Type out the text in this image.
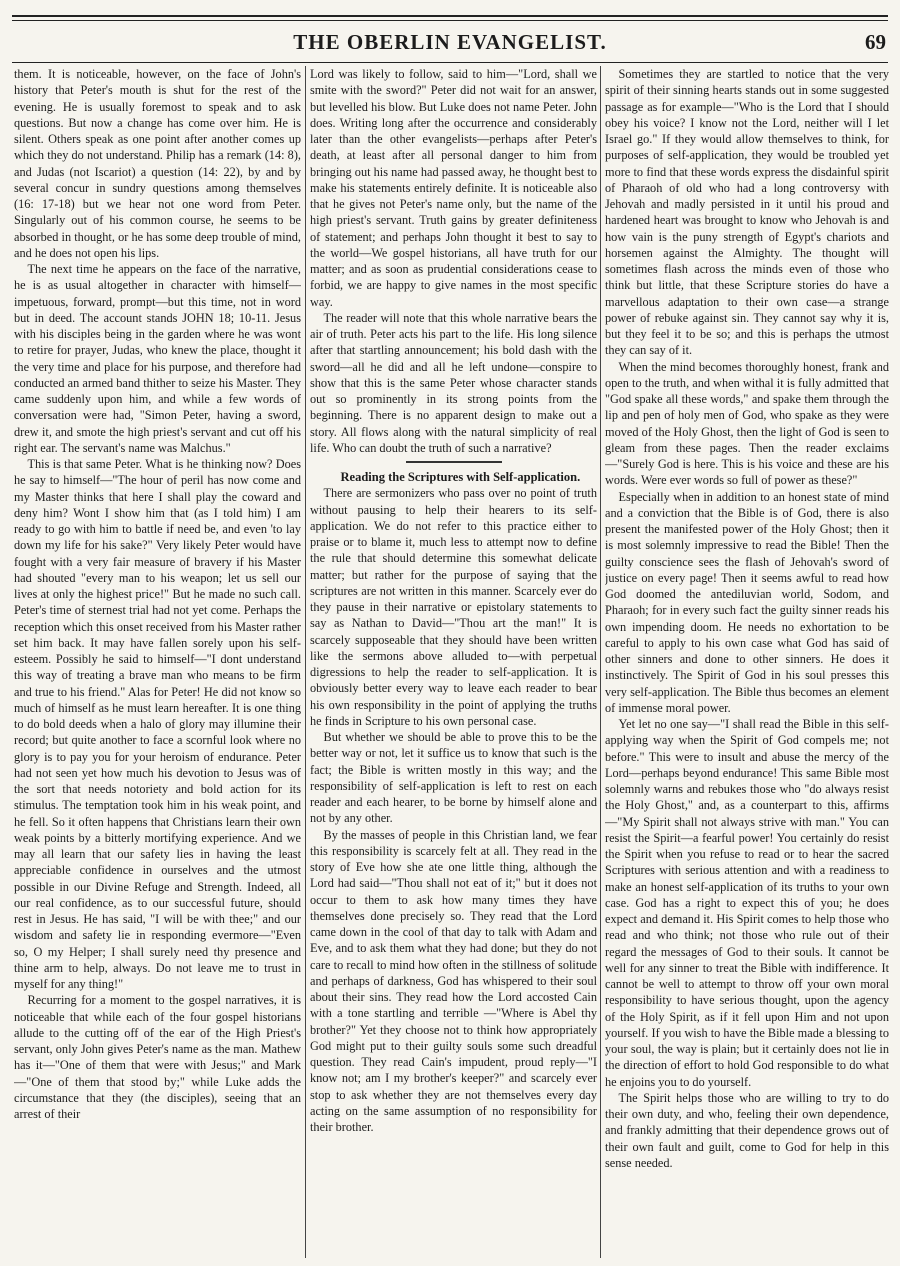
THE OBERLIN EVANGELIST.	69

them. It is noticeable, however, on the face of John's history that Peter's mouth is shut for the rest of the evening. He is usually foremost to speak and to ask questions. But now a change has come over him. He is silent. Others speak as one point after another comes up which they do not understand. Philip has a remark (14: 8), and Judas (not Iscariot) a question (14: 22), by and by several concur in sundry questions among themselves (16: 17-18) but we hear not one word from Peter. Singularly out of his common course, he seems to be absorbed in thought, or he has some deep trouble of mind, and he does not open his lips.

The next time he appears on the face of the narrative, he is as usual altogether in character with himself—impetuous, forward, prompt—but this time, not in word but in deed. The account stands JOHN 18; 10-11. Jesus with his disciples being in the garden where he was wont to retire for prayer, Judas, who knew the place, thought it the very time and place for his purpose, and therefore had conducted an armed band thither to seize his Master. They came suddenly upon him, and while a few words of conversation were had, "Simon Peter, having a sword, drew it, and smote the high priest's servant and cut off his right ear. The servant's name was Malchus."

This is that same Peter. What is he thinking now? Does he say to himself—"The hour of peril has now come and my Master thinks that here I shall play the coward and deny him? Wont I show him that (as I told him) I am ready to go with him to battle if need be, and even 'to lay down my life for his sake?" Very likely Peter would have fought with a very fair measure of bravery if his Master had shouted "every man to his weapon; let us sell our lives at only the highest price!" But he made no such call. Peter's time of sternest trial had not yet come. Perhaps the reception which this onset received from his Master rather set him back. It may have fallen sorely upon his self-esteem. Possibly he said to himself—"I dont understand this way of treating a brave man who means to be firm and true to his friend." Alas for Peter! He did not know so much of himself as he must learn hereafter. It is one thing to do bold deeds when a halo of glory may illumine their record; but quite another to face a scornful look where no glory is to pay you for your heroism of endurance. Peter had not seen yet how much his devotion to Jesus was of the sort that needs notoriety and bold action for its stimulus. The temptation took him in his weak point, and he fell. So it often happens that Christians learn their own weak points by a bitterly mortifying experience. And we may all learn that our safety lies in having the least appreciable confidence in ourselves and the utmost possible in our Divine Refuge and Strength. Indeed, all our real confidence, as to our successful future, should rest in Jesus. He has said, "I will be with thee;" and our wisdom and safety lie in responding evermore—"Even so, O my Helper; I shall surely need thy presence and thine arm to help, always. Do not leave me to trust in myself for any thing!"

Recurring for a moment to the gospel narratives, it is noticeable that while each of the four gospel historians allude to the cutting off of the ear of the High Priest's servant, only John gives Peter's name as the man. Mathew has it—"One of them that were with Jesus;" and Mark—"One of them that stood by;" while Luke adds the circumstance that they (the disciples), seeing that an arrest of their

Lord was likely to follow, said to him—"Lord, shall we smite with the sword?" Peter did not wait for an answer, but levelled his blow. But Luke does not name Peter. John does. Writing long after the occurrence and considerably later than the other evangelists—perhaps after Peter's death, at least after all personal danger to him from bringing out his name had passed away, he thought best to make his statements entirely definite. It is noticeable also that he gives not Peter's name only, but the name of the high priest's servant. Truth gains by greater definiteness of statement; and perhaps John thought it best to say to the world—We gospel historians, all have truth for our matter; and as soon as prudential considerations cease to forbid, we are happy to give names in the most specific way.

The reader will note that this whole narrative bears the air of truth. Peter acts his part to the life. His long silence after that startling announcement; his bold dash with the sword—all he did and all he left undone—conspire to show that this is the same Peter whose character stands out so prominently in its strong points from the beginning. There is no apparent design to make out a story. All flows along with the natural simplicity of real life. Who can doubt the truth of such a narrative?

Reading the Scriptures with Self-application.

There are sermonizers who pass over no point of truth without pausing to help their hearers to its self-application. We do not refer to this practice either to praise or to blame it, much less to attempt now to define the rule that should determine this somewhat delicate matter; but rather for the purpose of saying that the scriptures are not written in this manner. Scarcely ever do they pause in their narrative or epistolary statements to say as Nathan to David—"Thou art the man!" It is scarcely supposeable that they should have been written like the sermons above alluded to—with perpetual digressions to help the reader to self-application. It is obviously better every way to leave each reader to bear his own responsibility in the point of applying the truths he finds in Scripture to his own personal case.

But whether we should be able to prove this to be the better way or not, let it suffice us to know that such is the fact; the Bible is written mostly in this way; and the responsibility of self-application is left to rest on each reader and each hearer, to be borne by himself alone and not by any other.

By the masses of people in this Christian land, we fear this responsibility is scarcely felt at all. They read in the story of Eve how she ate one little thing, although the Lord had said—"Thou shall not eat of it;" but it does not occur to them to ask how many times they have themselves done precisely so. They read that the Lord came down in the cool of that day to talk with Adam and Eve, and to ask them what they had done; but they do not care to recall to mind how often in the stillness of solitude and perhaps of darkness, God has whispered to their soul about their sins. They read how the Lord accosted Cain with a tone startling and terrible —"Where is Abel thy brother?" Yet they choose not to think how appropriately God might put to their guilty souls some such dreadful question. They read Cain's impudent, proud reply—"I know not; am I my brother's keeper?" and scarcely ever stop to ask whether they are not themselves every day acting on the same assumption of no responsibility for their brother.

Sometimes they are startled to notice that the very spirit of their sinning hearts stands out in some suggested passage as for example—"Who is the Lord that I should obey his voice? I know not the Lord, neither will I let Israel go." If they would allow themselves to think, for purposes of self-application, they would be troubled yet more to find that these words express the disdainful spirit of Pharaoh of old who had a long controversy with Jehovah and madly persisted in it until his proud and hardened heart was brought to know who Jehovah is and how vain is the puny strength of Egypt's chariots and horsemen against the Almighty. The thought will sometimes flash across the minds even of those who think but little, that these Scripture stories do have a marvellous adaptation to their own case—a strange power of rebuke against sin. They cannot say why it is, but they feel it to be so; and this is perhaps the utmost they can say of it.

When the mind becomes thoroughly honest, frank and open to the truth, and when withal it is fully admitted that "God spake all these words," and spake them through the lip and pen of holy men of God, who spake as they were moved of the Holy Ghost, then the light of God is seen to gleam from these pages. Then the reader exclaims—"Surely God is here. This is his voice and these are his words. Were ever words so full of power as these?"

Especially when in addition to an honest state of mind and a conviction that the Bible is of God, there is also present the manifested power of the Holy Ghost; then it is most solemnly impressive to read the Bible! Then the guilty conscience sees the flash of Jehovah's sword of justice on every page! Then it seems awful to read how God doomed the antediluvian world, Sodom, and Pharaoh; for in every such fact the guilty sinner reads his own impending doom. He needs no exhortation to be careful to apply to his own case what God has said of other sinners and done to other sinners. He does it instinctively. The Spirit of God in his soul presses this very self-application. The Bible thus becomes an element of immense moral power.

Yet let no one say—"I shall read the Bible in this self-applying way when the Spirit of God compels me; not before." This were to insult and abuse the mercy of the Lord—perhaps beyond endurance! This same Bible most solemnly warns and rebukes those who "do always resist the Holy Ghost," and, as a counterpart to this, affirms—"My Spirit shall not always strive with man." You can resist the Spirit—a fearful power! You certainly do resist the Spirit when you refuse to read or to hear the sacred Scriptures with serious attention and with a readiness to make an honest self-application of its truths to your own case. God has a right to expect this of you; he does expect and demand it. His Spirit comes to help those who read and who think; not those who rule out of their regard the messages of God to their souls. It cannot be well for any sinner to treat the Bible with indifference. It cannot be well to attempt to throw off your own moral responsibility to have serious thought, upon the agency of the Holy Spirit, as if it fell upon Him and not upon yourself. If you wish to have the Bible made a blessing to your soul, the way is plain; but it certainly does not lie in the direction of effort to hold God responsible to do what he enjoins you to do yourself.

The Spirit helps those who are willing to try to do their own duty, and who, feeling their own dependence, and frankly admitting that their dependence grows out of their own fault and guilt, come to God for help in this sense needed.
